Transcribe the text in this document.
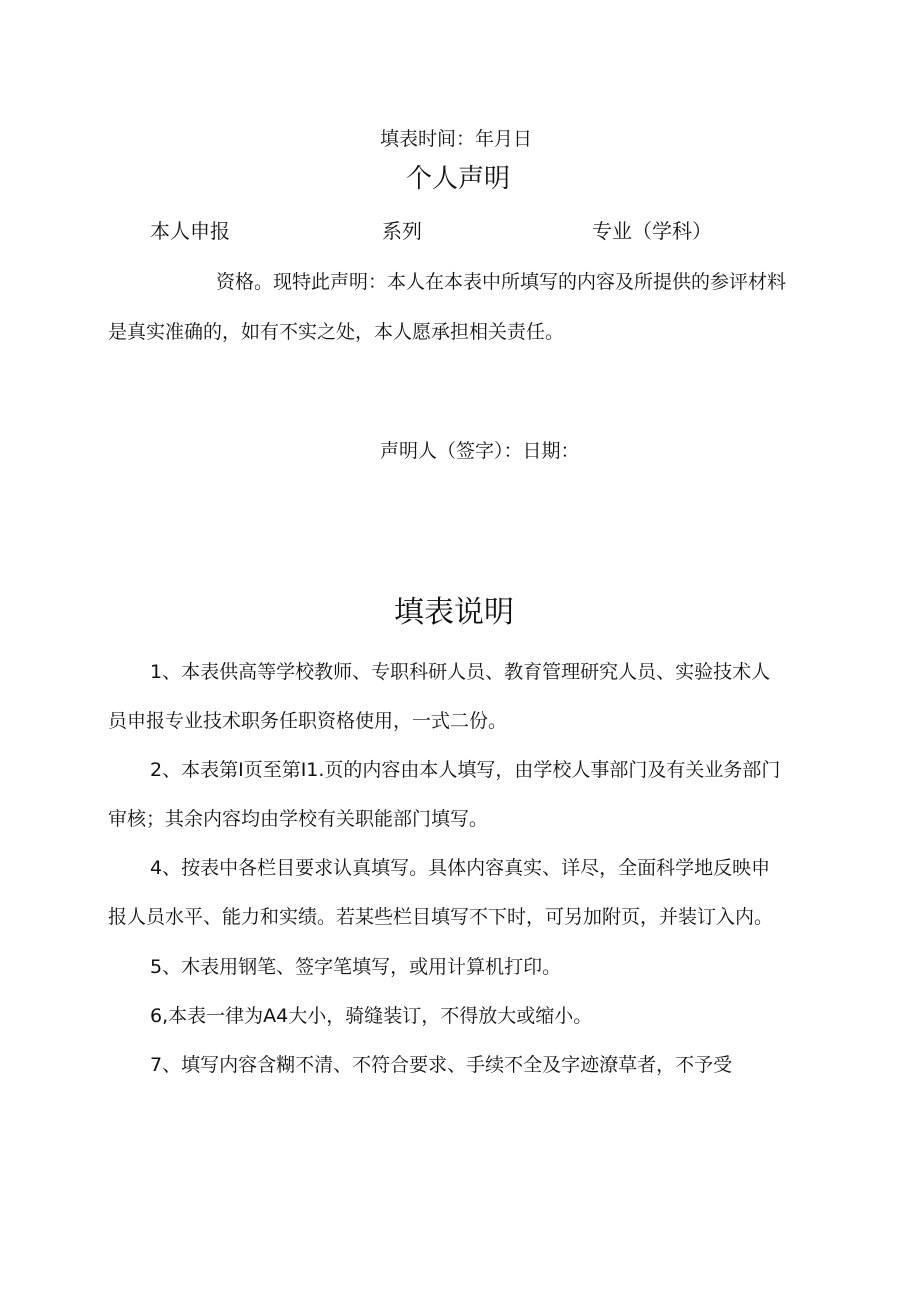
填表时间：年月日
个人声明
本人申报	系列	专业（学科）
资格。现特此声明：本人在本表中所填写的内容及所提供的参评材料
是真实准确的，如有不实之处，本人愿承担相关责任。
声明人（签字）：日期：
填表说明
1、本表供高等学校教师、专职科研人员、教育管理研究人员、实验技术人
员申报专业技术职务任职资格使用，一式二份。
2、本表第I页至第I1.页的内容由本人填写，由学校人事部门及有关业务部门
审核；其余内容均由学校有关职能部门填写。
4、按表中各栏目要求认真填写。具体内容真实、详尽，全面科学地反映申
报人员水平、能力和实绩。若某些栏目填写不下时，可另加附页，并装订入内。
5、木表用钢笔、签字笔填写，或用计算机打印。
6,本表一律为A4大小，骑缝装订，不得放大或缩小。
7、填写内容含糊不清、不符合要求、手续不全及字迹潦草者，不予受
